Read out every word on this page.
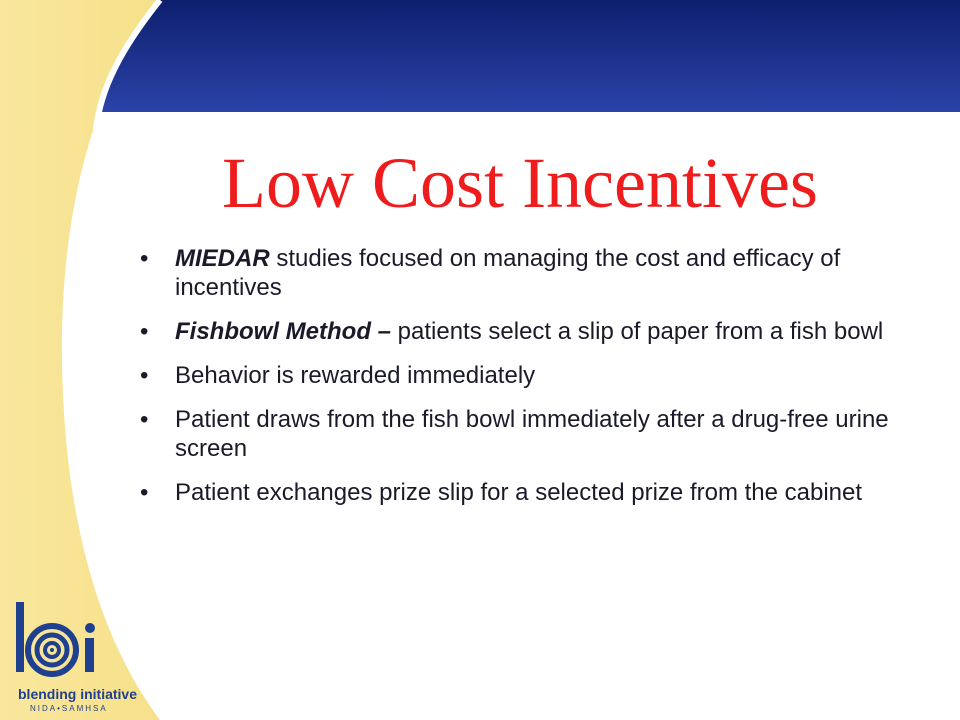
Low Cost Incentives
• MIEDAR studies focused on managing the cost and efficacy of incentives
• Fishbowl Method – patients select a slip of paper from a fish bowl
• Behavior is rewarded immediately
• Patient draws from the fish bowl immediately after a drug-free urine screen
• Patient exchanges prize slip for a selected prize from the cabinet
blending initiative
NIDA•SAMHSA
